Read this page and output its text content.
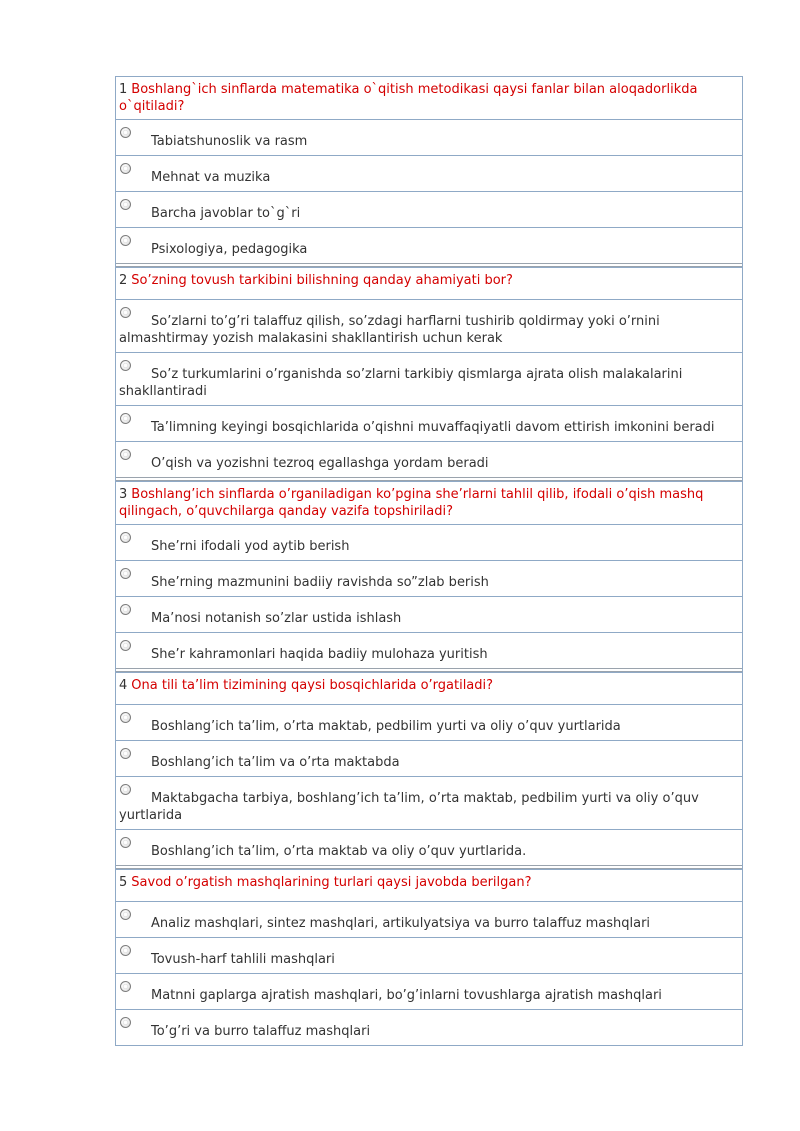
1 Boshlang`ich sinflarda matematika o`qitish metodikasi qaysi fanlar bilan aloqadorlikda o`qitiladi?
Tabiatshunoslik va rasm
Mehnat va muzika
Barcha javoblar to`g`ri
Psixologiya, pedagogika
2 So’zning tovush tarkibini bilishning qanday ahamiyati bor?
So’zlarni to’g’ri talaffuz qilish, so’zdagi harflarni tushirib qoldirmay yoki o’rnini almashtirmay yozish malakasini shakllantirish uchun kerak
So’z turkumlarini o’rganishda so’zlarni tarkibiy qismlarga ajrata olish malakalarini shakllantiradi
Ta’limning keyingi bosqichlarida o’qishni muvaffaqiyatli davom ettirish imkonini beradi
O’qish va yozishni tezroq egallashga yordam beradi
3 Boshlang’ich sinflarda o’rganiladigan ko’pgina she’rlarni tahlil qilib, ifodali o’qish mashq qilingach, o’quvchilarga qanday vazifa topshiriladi?
She’rni ifodali yod aytib berish
She’rning mazmunini badiiy ravishda so”zlab berish
Ma’nosi notanish so’zlar ustida ishlash
She’r kahramonlari haqida badiiy mulohaza yuritish
4 Ona tili ta’lim tizimining qaysi bosqichlarida o’rgatiladi?
Boshlang’ich ta’lim, o’rta maktab, pedbilim yurti va oliy o’quv yurtlarida
Boshlang’ich ta’lim va o’rta maktabda
Maktabgacha tarbiya, boshlang’ich ta’lim, o’rta maktab, pedbilim yurti va oliy o’quv yurtlarida
Boshlang’ich ta’lim, o’rta maktab va oliy o’quv yurtlarida.
5 Savod o’rgatish mashqlarining turlari qaysi javobda berilgan?
Analiz mashqlari, sintez mashqlari, artikulyatsiya va burro talaffuz mashqlari
Tovush-harf tahlili mashqlari
Matnni gaplarga ajratish mashqlari, bo’g’inlarni tovushlarga ajratish mashqlari
To’g’ri va burro talaffuz mashqlari
